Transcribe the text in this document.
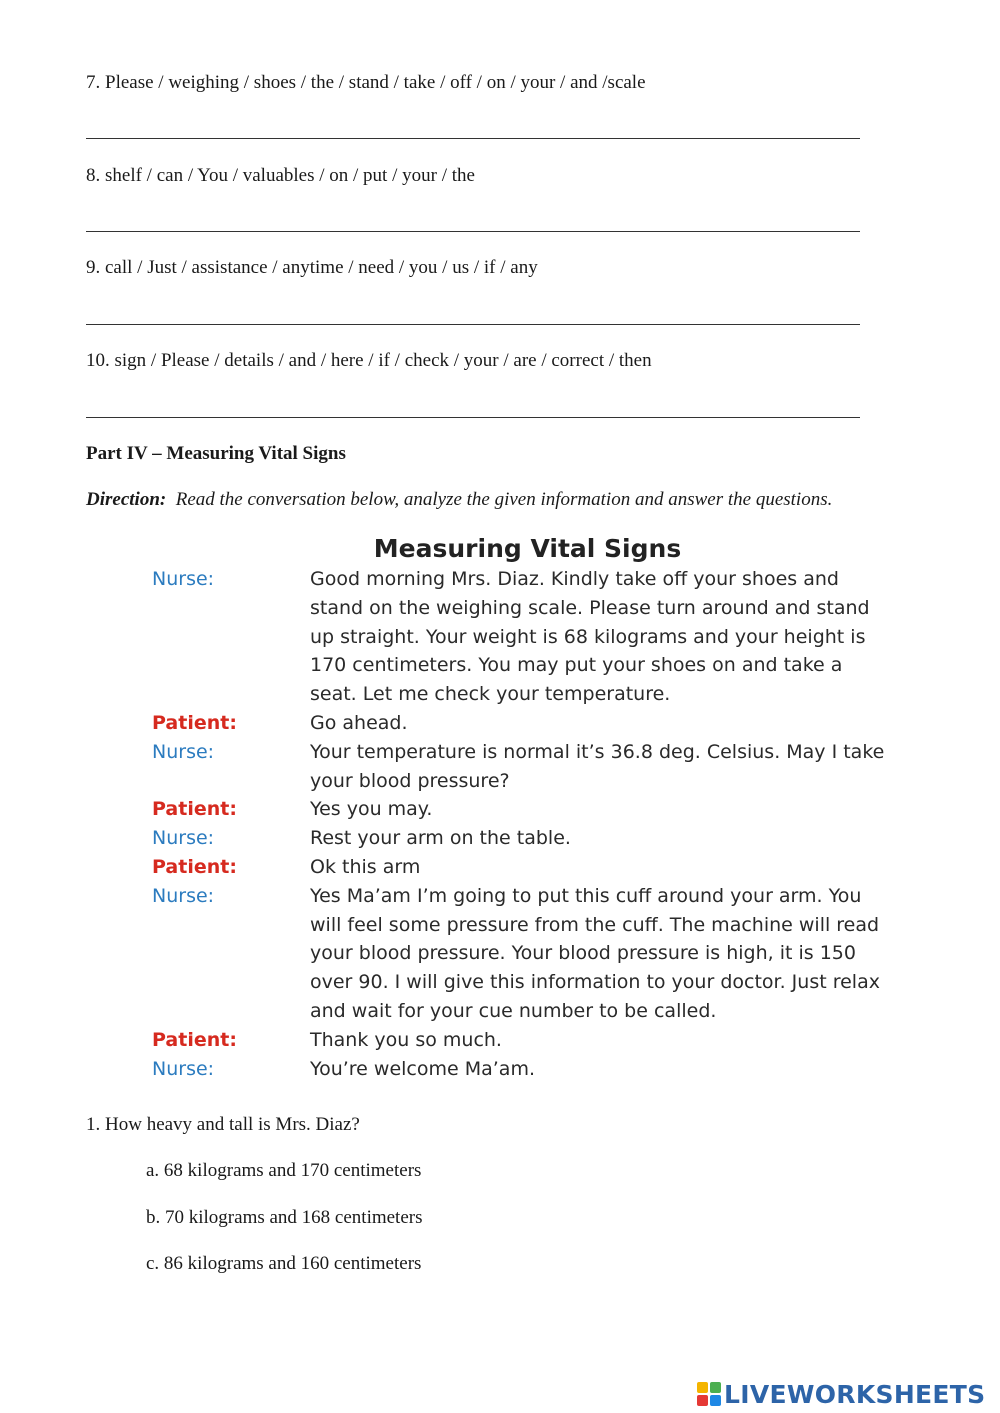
7. Please / weighing / shoes / the / stand / take / off / on / your / and /scale
8. shelf / can / You / valuables / on / put / your / the
9. call / Just / assistance / anytime / need / you / us / if / any
10. sign / Please / details / and / here / if / check / your / are / correct / then
Part IV – Measuring Vital Signs
Direction: Read the conversation below, analyze the given information and answer the questions.
Measuring Vital Signs
Nurse:	Good morning Mrs. Diaz. Kindly take off your shoes and stand on the weighing scale. Please turn around and stand up straight. Your weight is 68 kilograms and your height is 170 centimeters. You may put your shoes on and take a seat. Let me check your temperature.
Patient:	Go ahead.
Nurse:	Your temperature is normal it’s 36.8 deg. Celsius. May I take your blood pressure?
Patient:	Yes you may.
Nurse:	Rest your arm on the table.
Patient:	Ok this arm
Nurse:	Yes Ma’am I’m going to put this cuff around your arm. You will feel some pressure from the cuff. The machine will read your blood pressure. Your blood pressure is high, it is 150 over 90. I will give this information to your doctor. Just relax and wait for your cue number to be called.
Patient:	Thank you so much.
Nurse:	You’re welcome Ma’am.
1. How heavy and tall is Mrs. Diaz?
a. 68 kilograms and 170 centimeters
b. 70 kilograms and 168 centimeters
c. 86 kilograms and 160 centimeters
LIVEWORKSHEETS
